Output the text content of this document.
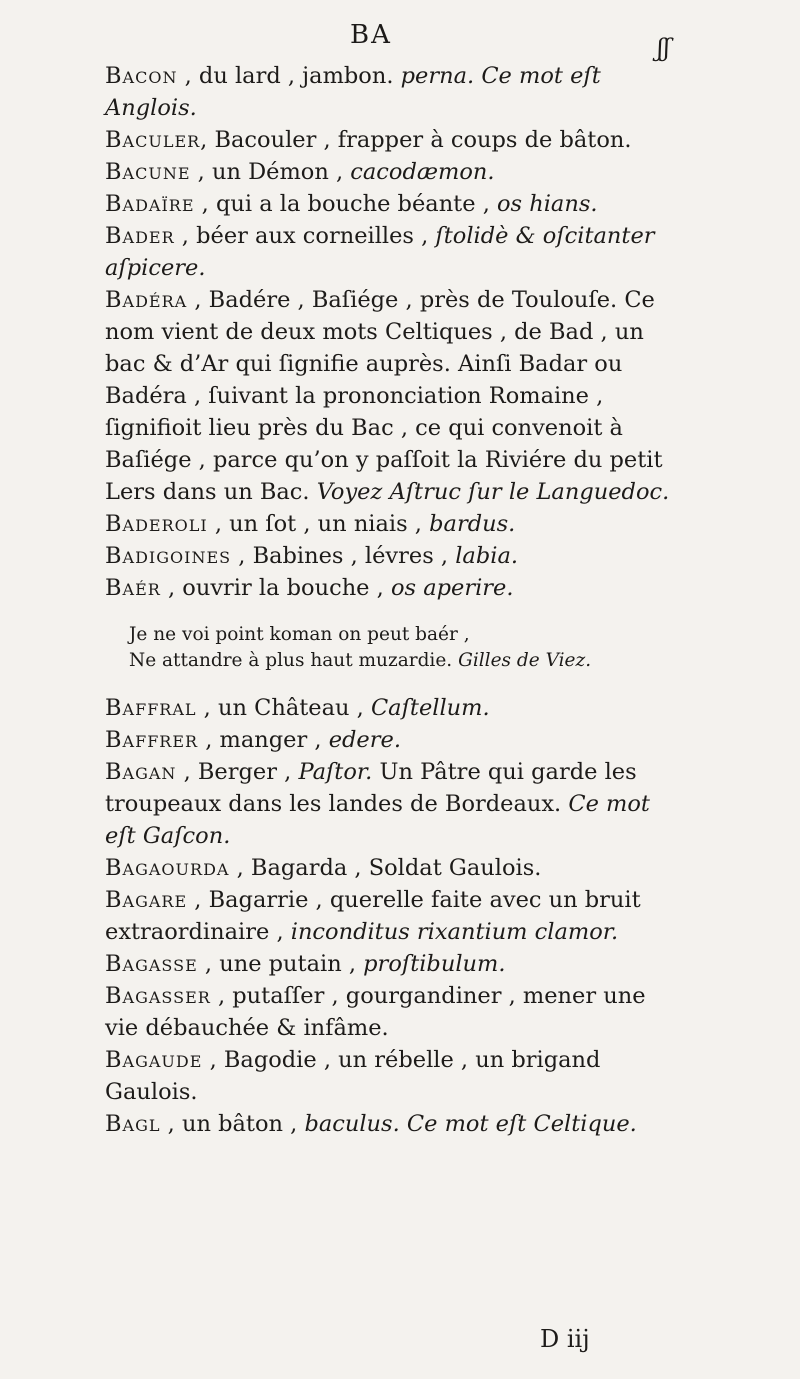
BA	ʃʃ

Bacon , du lard , jambon. perna. Ce mot eſt Anglois.

Baculer, Bacouler , frapper à coups de bâton.

Bacune , un Démon , cacodæmon.

Badaïre , qui a la bouche béante , os hians.

Bader , béer aux corneilles , ſtolidè & oſcitanter aſpicere.

Badéra , Badére , Baſiége , près de Toulouſe. Ce nom vient de deux mots Celtiques , de Bad , un bac & d’Ar qui ſignifie auprès. Ainſi Badar ou Badéra , ſuivant la prononciation Romaine , ſignifioit lieu près du Bac , ce qui convenoit à Baſiége , parce qu’on y paſſoit la Riviére du petit Lers dans un Bac. Voyez Aſtruc ſur le Languedoc.

Baderoli , un ſot , un niais , bardus.

Badigoines , Babines , lévres , labia.

Baér , ouvrir la bouche , os aperire.

Je ne voi point koman on peut baér ,
Ne attandre à plus haut muzardie. Gilles de Viez.

Baffral , un Château , Caſtellum.

Baffrer , manger , edere.

Bagan , Berger , Paſtor. Un Pâtre qui garde les troupeaux dans les landes de Bordeaux. Ce mot eſt Gaſcon.

Bagaourda , Bagarda , Soldat Gaulois.

Bagare , Bagarrie , querelle faite avec un bruit extraordinaire , inconditus rixantium clamor.

Bagasse , une putain , proſtibulum.

Bagasser , putaſſer , gourgandiner , mener une vie débauchée & infâme.

Bagaude , Bagodie , un rébelle , un brigand Gaulois.

Bagl , un bâton , baculus. Ce mot eſt Celtique.

D iij
